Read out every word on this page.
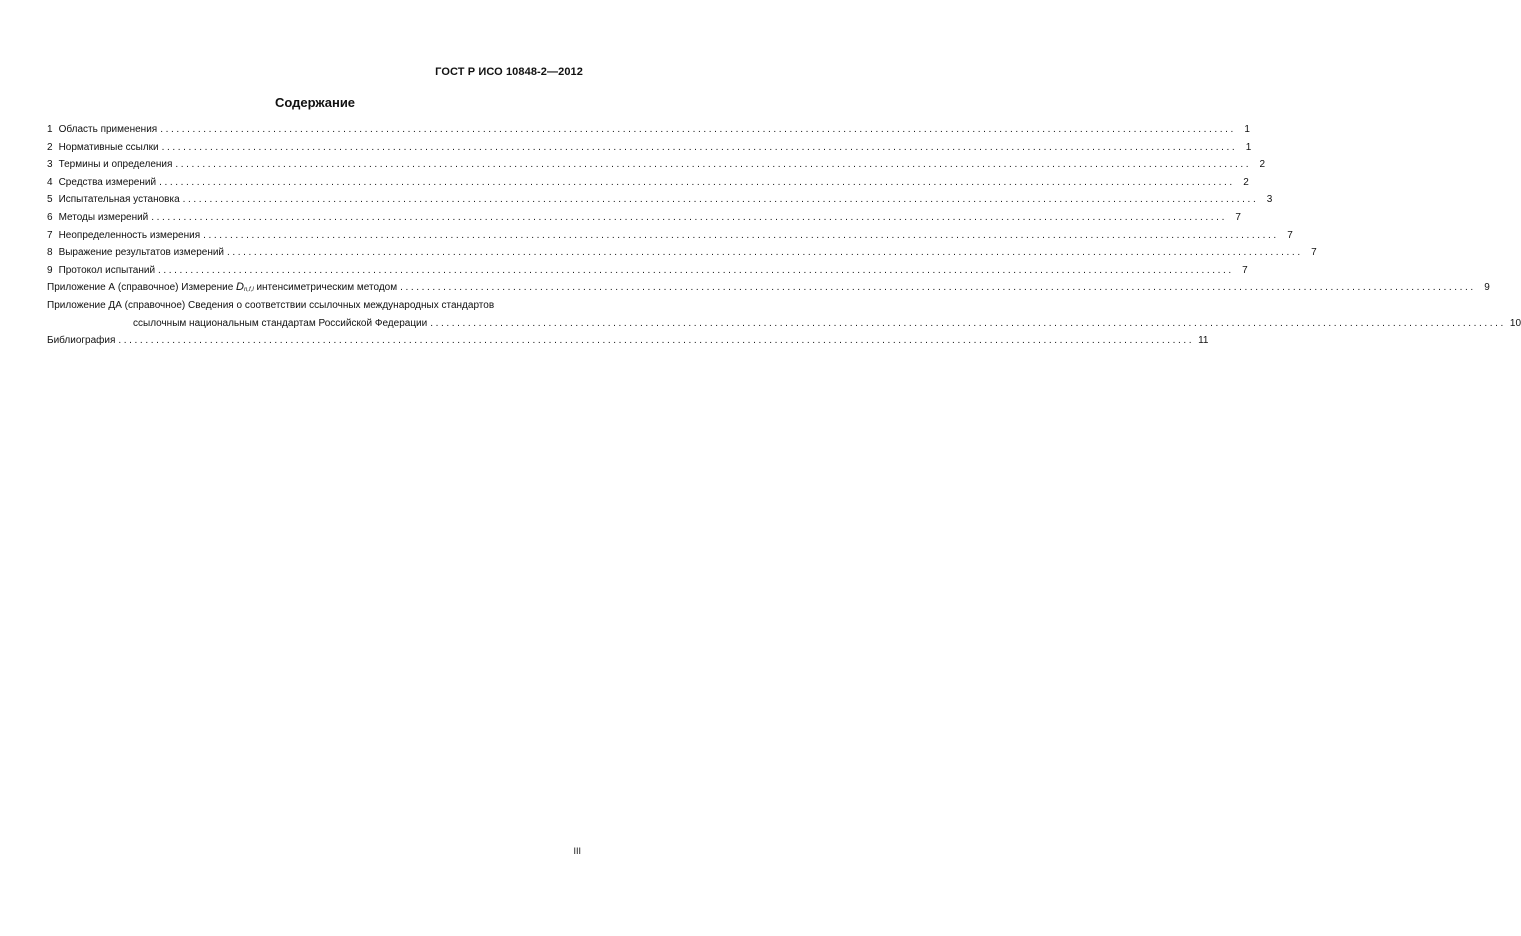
ГОСТ Р ИСО 10848-2—2012
Содержание
1 Область применения ........................................................................................................................................................................................................ 1
2 Нормативные ссылки ........................................................................................................................................................................................................ 1
3 Термины и определения ........................................................................................................................................................................................................ 2
4 Средства измерений ........................................................................................................................................................................................................ 2
5 Испытательная установка ........................................................................................................................................................................................................ 3
6 Методы измерений ........................................................................................................................................................................................................ 7
7 Неопределенность измерения ........................................................................................................................................................................................................ 7
8 Выражение результатов измерений ........................................................................................................................................................................................................ 7
9 Протокол испытаний ........................................................................................................................................................................................................ 7
Приложение А (справочное) Измерение Dn,f,l интенсиметрическим методом ........................................................................................................................................................................................................ 9
Приложение ДА (справочное) Сведения о соответствии ссылочных международных стандартов
ссылочным национальным стандартам Российской Федерации ........................................................................................................................................................................................................ 10
Библиография ........................................................................................................................................................................................................ 11
III
